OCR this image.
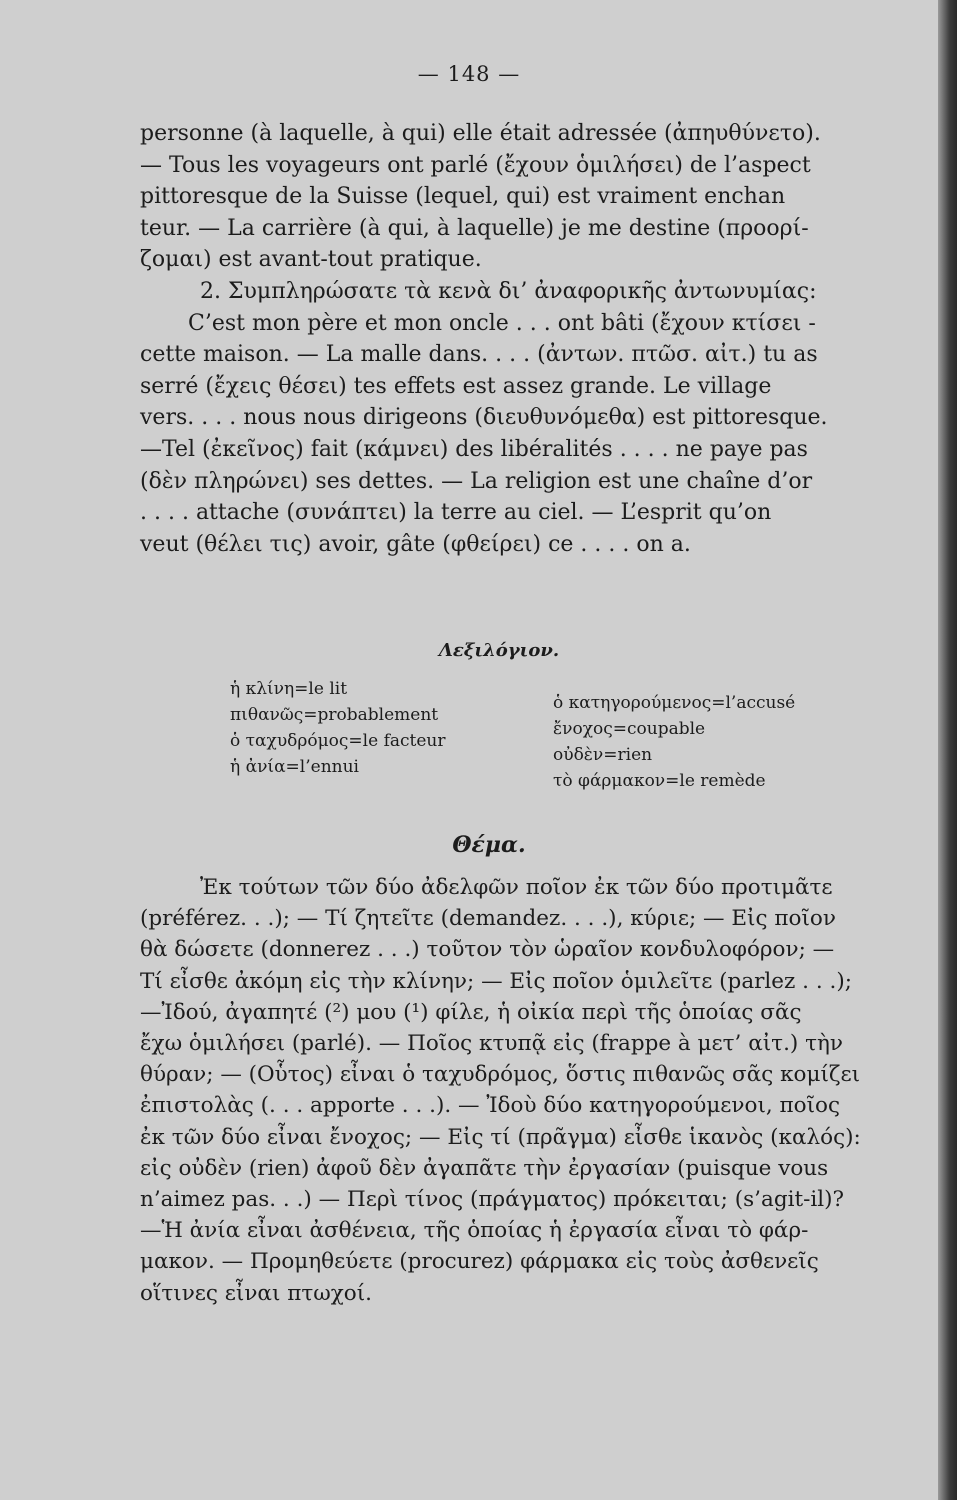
— 148 —

personne (à laquelle, à qui) elle était adressée (ἀπηυθύνετο).
— Tous les voyageurs ont parlé (ἔχουν ὁμιλήσει) de l’aspect
pittoresque de la Suisse (lequel, qui) est vraiment enchan
teur. — La carrière (à qui, à laquelle) je me destine (προορί-
ζομαι) est avant-tout pratique.
2. Συμπληρώσατε τὰ κενὰ δι’ ἀναφορικῆς ἀντωνυμίας:
C’est mon père et mon oncle . . . ont bâti (ἔχουν κτίσει -
cette maison. — La malle dans. . . . (ἀντων. πτῶσ. αἰτ.) tu as
serré (ἔχεις θέσει) tes effets est assez grande. Le village
vers. . . . nous nous dirigeons (διευθυνόμεθα) est pittoresque.
—Tel (ἐκεῖνος) fait (κάμνει) des libéralités . . . . ne paye pas
(δὲν πληρώνει) ses dettes. — La religion est une chaîne d’or
. . . . attache (συνάπτει) la terre au ciel. — L’esprit qu’on
veut (θέλει τις) avoir, gâte (φθείρει) ce . . . . on a.

Λεξιλόγιον.
ἡ κλίνη=le lit
πιθανῶς=probablement
ὁ ταχυδρόμος=le facteur
ἡ ἀνία=l’ennui
ὁ κατηγορούμενος=l’accusé
ἔνοχος=coupable
οὐδὲν=rien
τὸ φάρμακον=le remède
Θέμα.

Ἐκ τούτων τῶν δύο ἀδελφῶν ποῖον ἐκ τῶν δύο προτιμᾶτε
(préférez. . .); — Τί ζητεῖτε (demandez. . . .), κύριε; — Εἰς ποῖον
θὰ δώσετε (donnerez . . .) τοῦτον τὸν ὡραῖον κονδυλοφόρον; —
Τί εἶσθε ἀκόμη εἰς τὴν κλίνην; — Εἰς ποῖον ὁμιλεῖτε (parlez . . .);
—Ἰδού, ἀγαπητέ (²) μου (¹) φίλε, ἡ οἰκία περὶ τῆς ὁποίας σᾶς
ἔχω ὁμιλήσει (parlé). — Ποῖος κτυπᾷ εἰς (frappe à μετ’ αἰτ.) τὴν
θύραν; — (Οὗτος) εἶναι ὁ ταχυδρόμος, ὅστις πιθανῶς σᾶς κομίζει
ἐπιστολὰς (. . . apporte . . .). — Ἰδοὺ δύο κατηγορούμενοι, ποῖος
ἐκ τῶν δύο εἶναι ἔνοχος; — Εἰς τί (πρᾶγμα) εἶσθε ἱκανὸς (καλός):
εἰς οὐδὲν (rien) ἀφοῦ δὲν ἀγαπᾶτε τὴν ἐργασίαν (puisque vous
n’aimez pas. . .) — Περὶ τίνος (πράγματος) πρόκειται; (s’agit-il)?
—Ἡ ἀνία εἶναι ἀσθένεια, τῆς ὁποίας ἡ ἐργασία εἶναι τὸ φάρ-
μακον. — Προμηθεύετε (procurez) φάρμακα εἰς τοὺς ἀσθενεῖς
οἵτινες εἶναι πτωχοί.
